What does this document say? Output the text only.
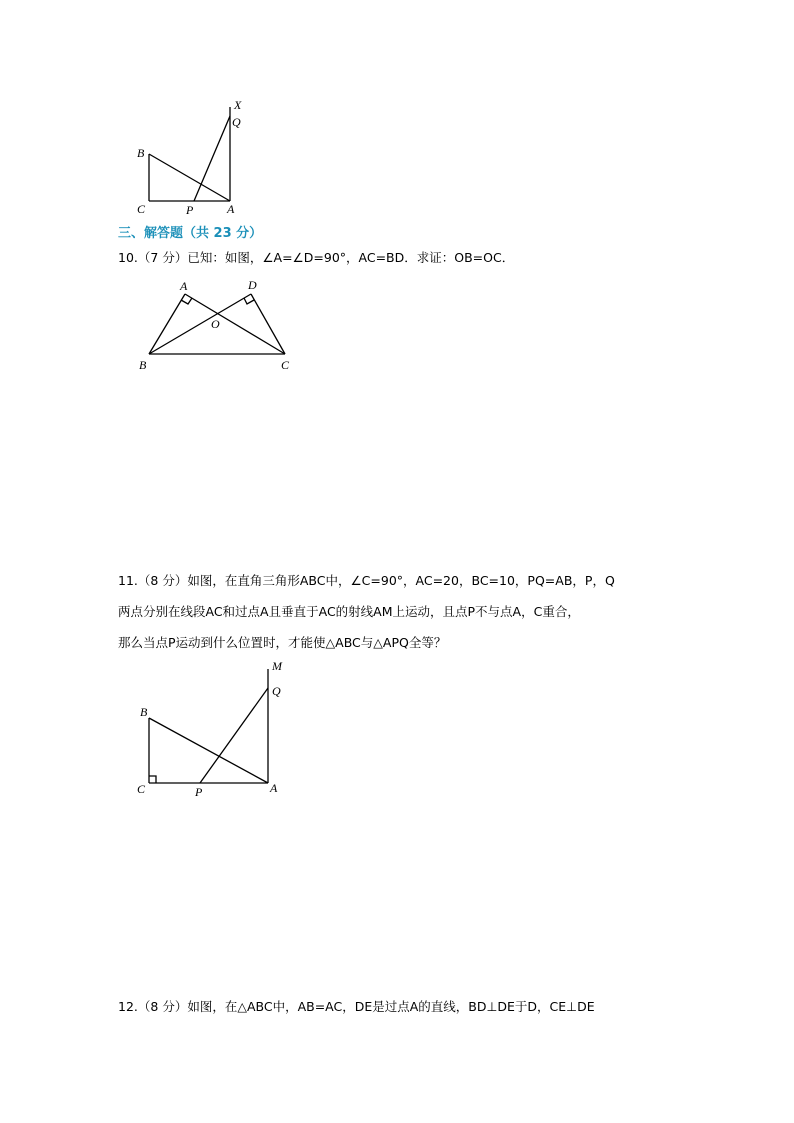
X
Q
B
C	P	A
三、解答题（共 23 分）
10.（7 分）已知：如图，∠A=∠D=90°，AC=BD．求证：OB=OC．
A	D
O
B	C
11.（8 分）如图，在直角三角形ABC中，∠C=90°，AC=20，BC=10，PQ=AB，P，Q
两点分别在线段AC和过点A且垂直于AC的射线AM上运动，且点P不与点A，C重合，
那么当点P运动到什么位置时，才能使△ABC与△APQ全等？
M
Q
B
C	P	A
12.（8 分）如图，在△ABC中，AB=AC，DE是过点A的直线，BD⊥DE于D，CE⊥DE
